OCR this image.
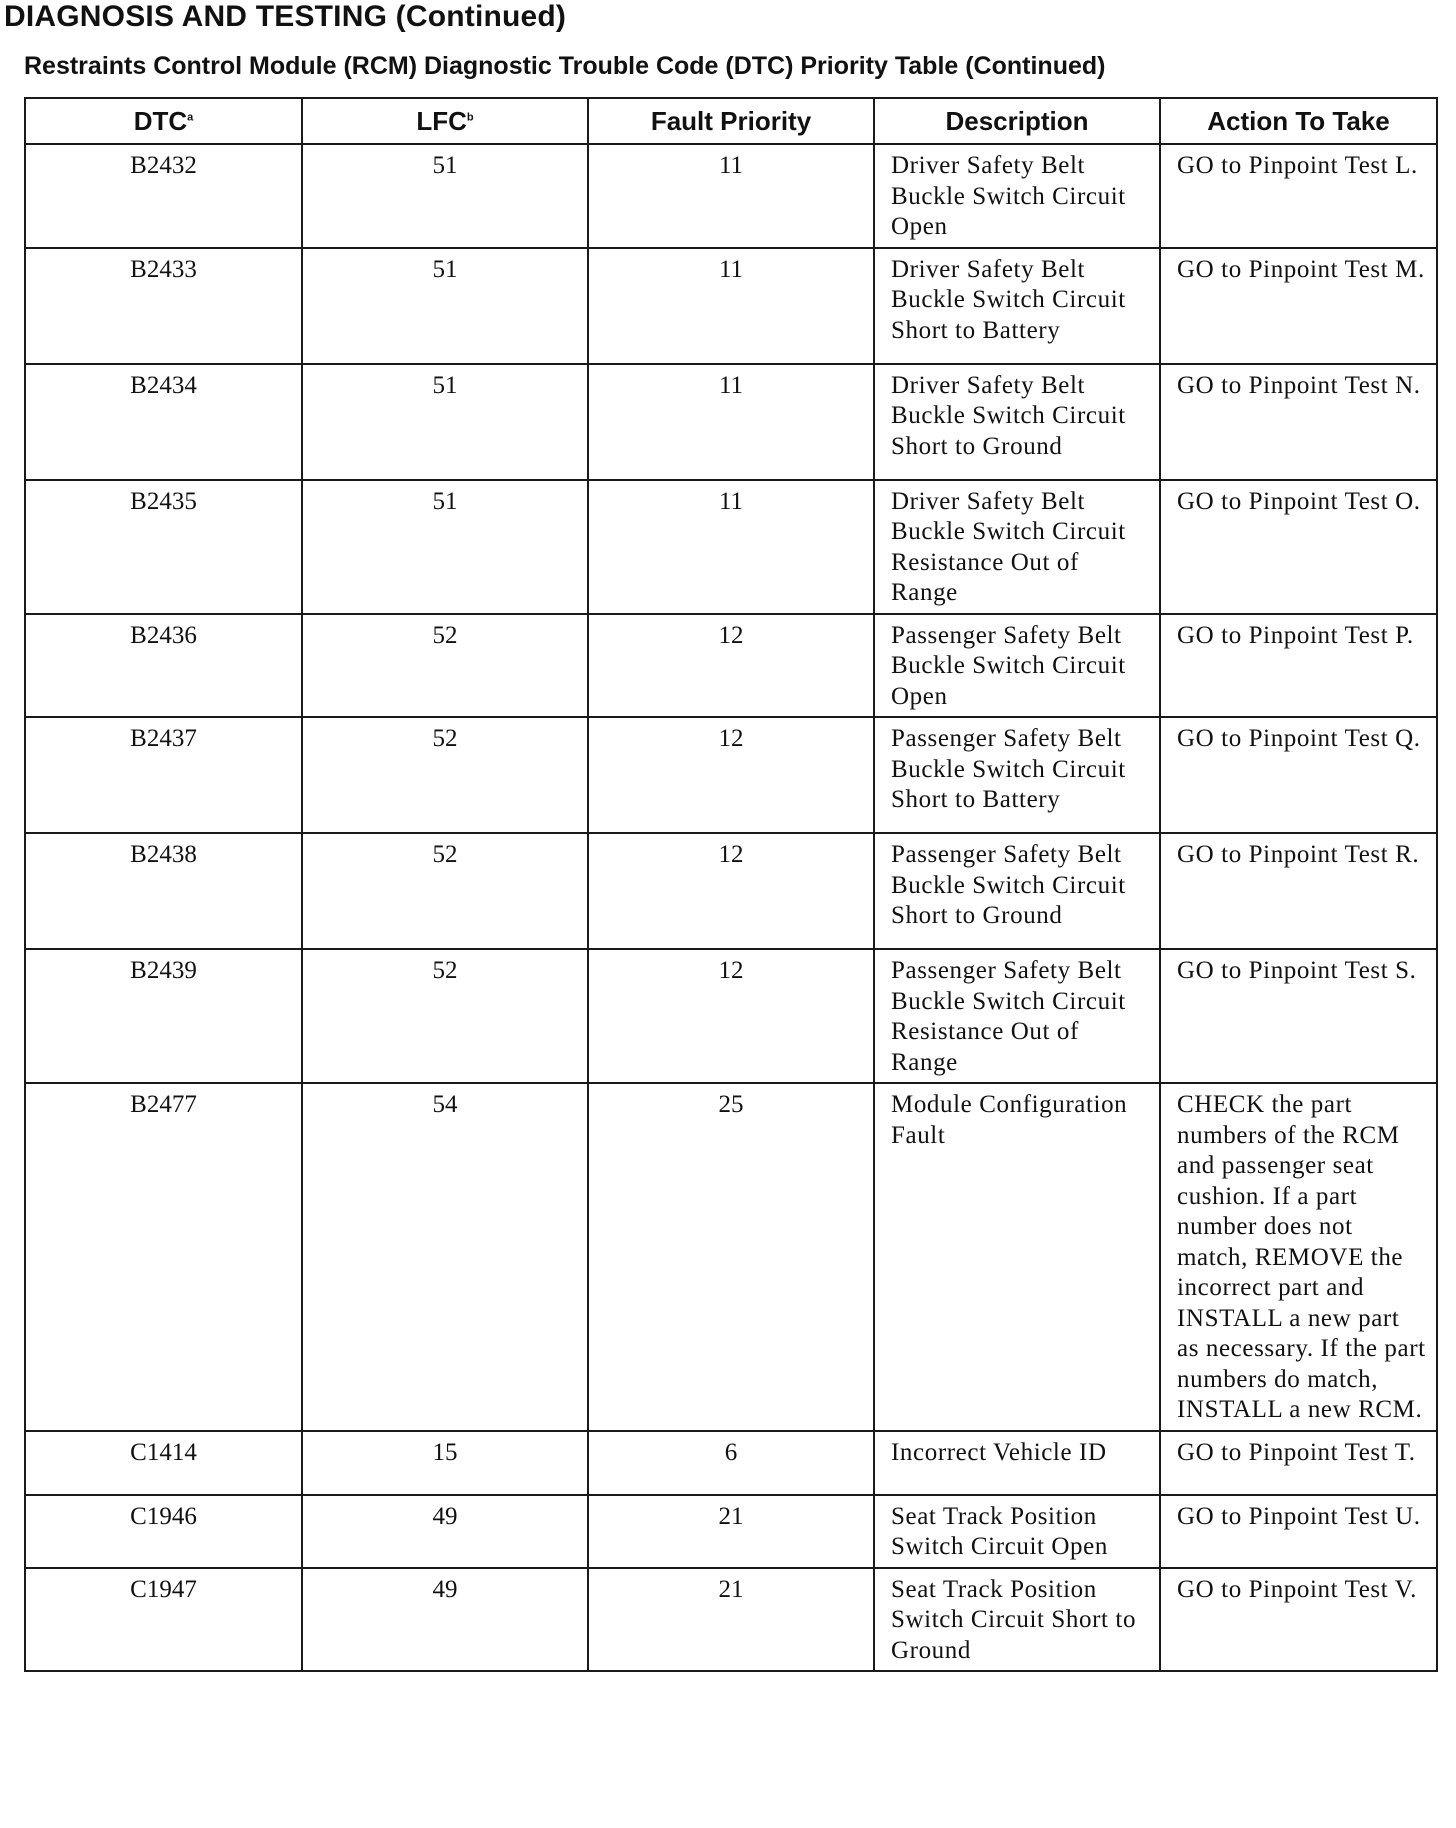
DIAGNOSIS AND TESTING (Continued)
Restraints Control Module (RCM) Diagnostic Trouble Code (DTC) Priority Table (Continued)
DTC$^a$	LFC$^b$	Fault Priority	Description	Action To Take
B2432	51	11	Driver Safety Belt Buckle Switch Circuit Open	GO to Pinpoint Test L.
B2433	51	11	Driver Safety Belt Buckle Switch Circuit Short to Battery	GO to Pinpoint Test M.
B2434	51	11	Driver Safety Belt Buckle Switch Circuit Short to Ground	GO to Pinpoint Test N.
B2435	51	11	Driver Safety Belt Buckle Switch Circuit Resistance Out of Range	GO to Pinpoint Test O.
B2436	52	12	Passenger Safety Belt Buckle Switch Circuit Open	GO to Pinpoint Test P.
B2437	52	12	Passenger Safety Belt Buckle Switch Circuit Short to Battery	GO to Pinpoint Test Q.
B2438	52	12	Passenger Safety Belt Buckle Switch Circuit Short to Ground	GO to Pinpoint Test R.
B2439	52	12	Passenger Safety Belt Buckle Switch Circuit Resistance Out of Range	GO to Pinpoint Test S.
B2477	54	25	Module Configuration Fault	CHECK the part numbers of the RCM and passenger seat cushion. If a part number does not match, REMOVE the incorrect part and INSTALL a new part as necessary. If the part numbers do match, INSTALL a new RCM.
C1414	15	6	Incorrect Vehicle ID	GO to Pinpoint Test T.
C1946	49	21	Seat Track Position Switch Circuit Open	GO to Pinpoint Test U.
C1947	49	21	Seat Track Position Switch Circuit Short to Ground	GO to Pinpoint Test V.
